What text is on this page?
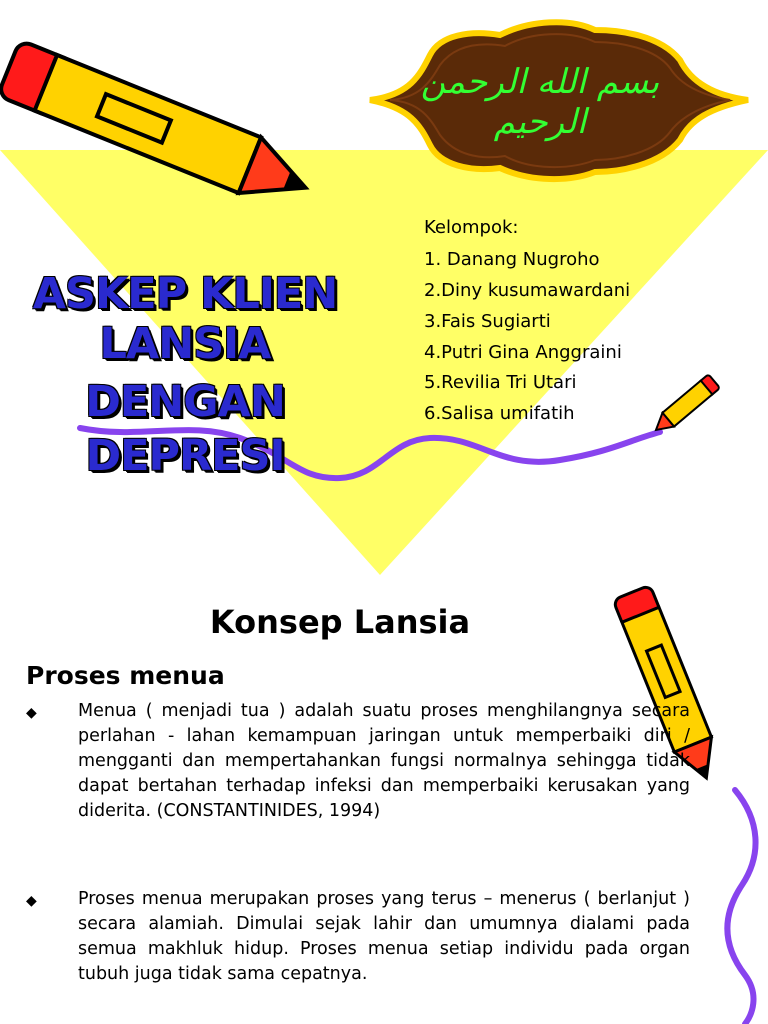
بسم الله الرحمن الرحيم
ASKEP KLIEN
LANSIA
DENGAN
DEPRESI
Kelompok:
1. Danang Nugroho
2.Diny kusumawardani
3.Fais Sugiarti
4.Putri Gina Anggraini
5.Revilia Tri Utari
6.Salisa umifatih
Konsep Lansia
Proses menua
◆ Menua ( menjadi tua ) adalah suatu proses menghilangnya secara perlahan - lahan kemampuan jaringan untuk memperbaiki diri / mengganti dan mempertahankan fungsi normalnya sehingga tidak dapat bertahan terhadap infeksi dan memperbaiki kerusakan yang diderita. (CONSTANTINIDES, 1994)
◆ Proses menua merupakan proses yang terus – menerus ( berlanjut ) secara alamiah. Dimulai sejak lahir dan umumnya dialami pada semua makhluk hidup. Proses menua setiap individu pada organ tubuh juga tidak sama cepatnya.
